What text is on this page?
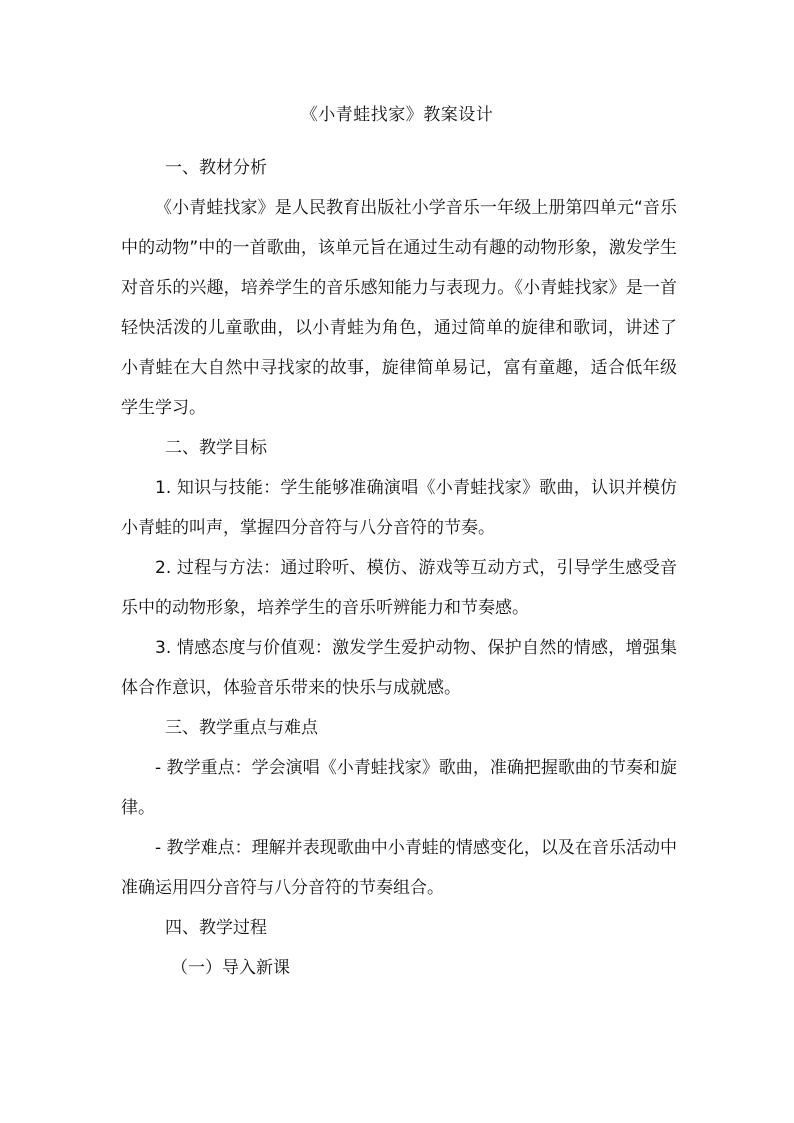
《小青蛙找家》教案设计
一、教材分析

《小青蛙找家》是人民教育出版社小学音乐一年级上册第四单元“音乐中的动物”中的一首歌曲，该单元旨在通过生动有趣的动物形象，激发学生对音乐的兴趣，培养学生的音乐感知能力与表现力。《小青蛙找家》是一首轻快活泼的儿童歌曲，以小青蛙为角色，通过简单的旋律和歌词，讲述了小青蛙在大自然中寻找家的故事，旋律简单易记，富有童趣，适合低年级学生学习。

二、教学目标

1. 知识与技能：学生能够准确演唱《小青蛙找家》歌曲，认识并模仿小青蛙的叫声，掌握四分音符与八分音符的节奏。

2. 过程与方法：通过聆听、模仿、游戏等互动方式，引导学生感受音乐中的动物形象，培养学生的音乐听辨能力和节奏感。

3. 情感态度与价值观：激发学生爱护动物、保护自然的情感，增强集体合作意识，体验音乐带来的快乐与成就感。

三、教学重点与难点

- 教学重点：学会演唱《小青蛙找家》歌曲，准确把握歌曲的节奏和旋律。

- 教学难点：理解并表现歌曲中小青蛙的情感变化，以及在音乐活动中准确运用四分音符与八分音符的节奏组合。

四、教学过程
（一）导入新课
